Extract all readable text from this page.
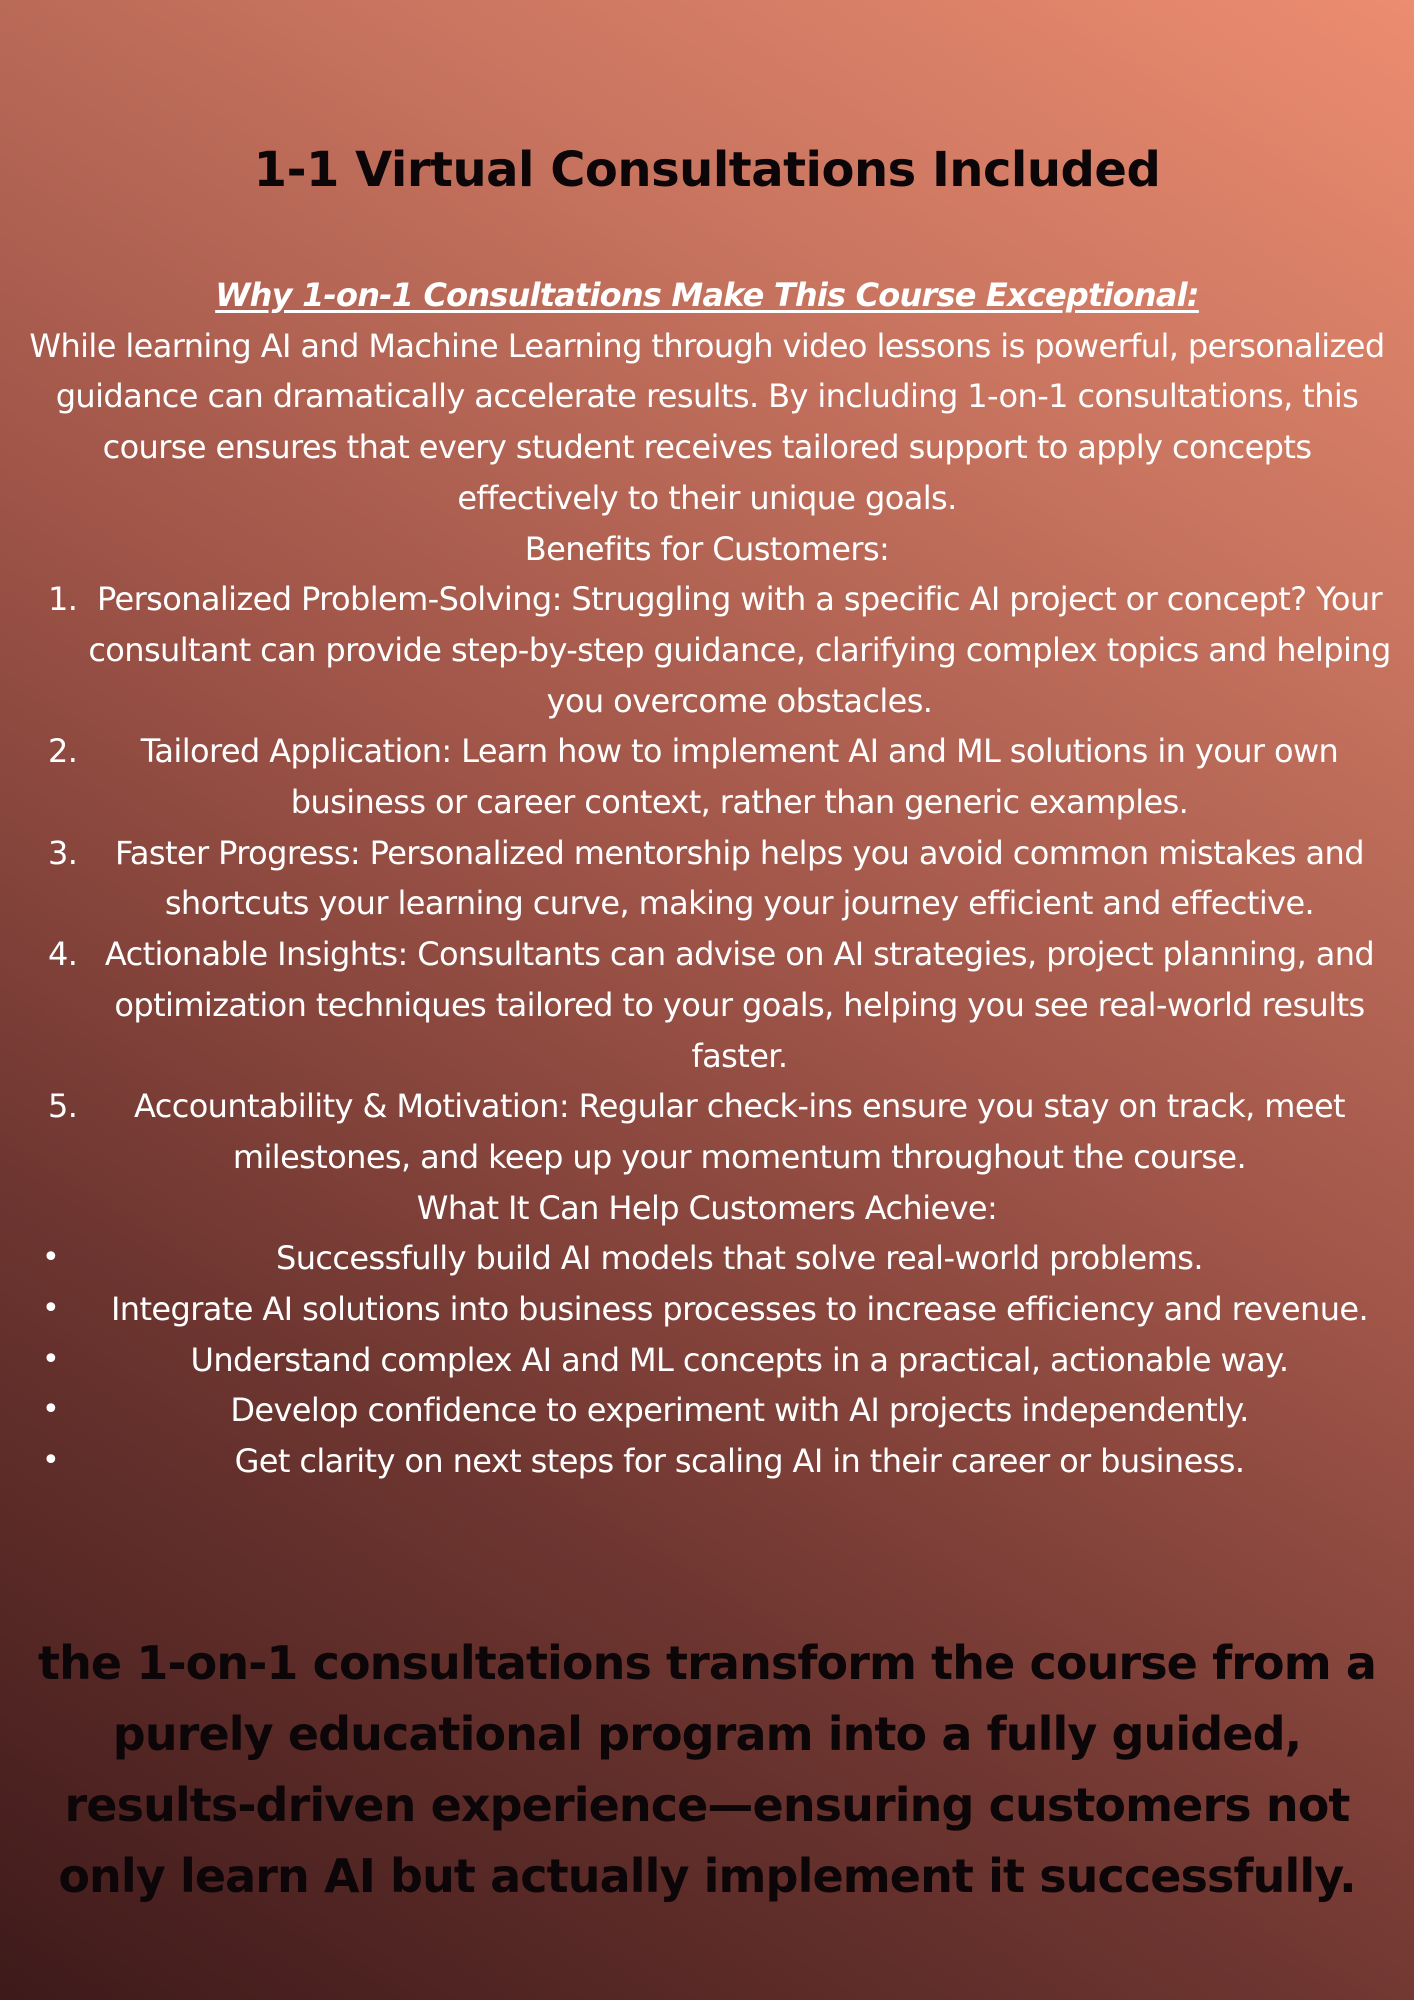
1-1 Virtual Consultations Included
Why 1-on-1 Consultations Make This Course Exceptional:
While learning AI and Machine Learning through video lessons is powerful, personalized guidance can dramatically accelerate results. By including 1-on-1 consultations, this course ensures that every student receives tailored support to apply concepts effectively to their unique goals.
Benefits for Customers:
1. Personalized Problem-Solving: Struggling with a specific AI project or concept? Your consultant can provide step-by-step guidance, clarifying complex topics and helping you overcome obstacles.
2. Tailored Application: Learn how to implement AI and ML solutions in your own business or career context, rather than generic examples.
3. Faster Progress: Personalized mentorship helps you avoid common mistakes and shortcuts your learning curve, making your journey efficient and effective.
4. Actionable Insights: Consultants can advise on AI strategies, project planning, and optimization techniques tailored to your goals, helping you see real-world results faster.
5. Accountability & Motivation: Regular check-ins ensure you stay on track, meet milestones, and keep up your momentum throughout the course.
What It Can Help Customers Achieve:
•	Successfully build AI models that solve real-world problems.
• Integrate AI solutions into business processes to increase efficiency and revenue.
•	Understand complex AI and ML concepts in a practical, actionable way.
•	Develop confidence to experiment with AI projects independently.
•	Get clarity on next steps for scaling AI in their career or business.

the 1-on-1 consultations transform the course from a purely educational program into a fully guided, results-driven experience—ensuring customers not only learn AI but actually implement it successfully.
